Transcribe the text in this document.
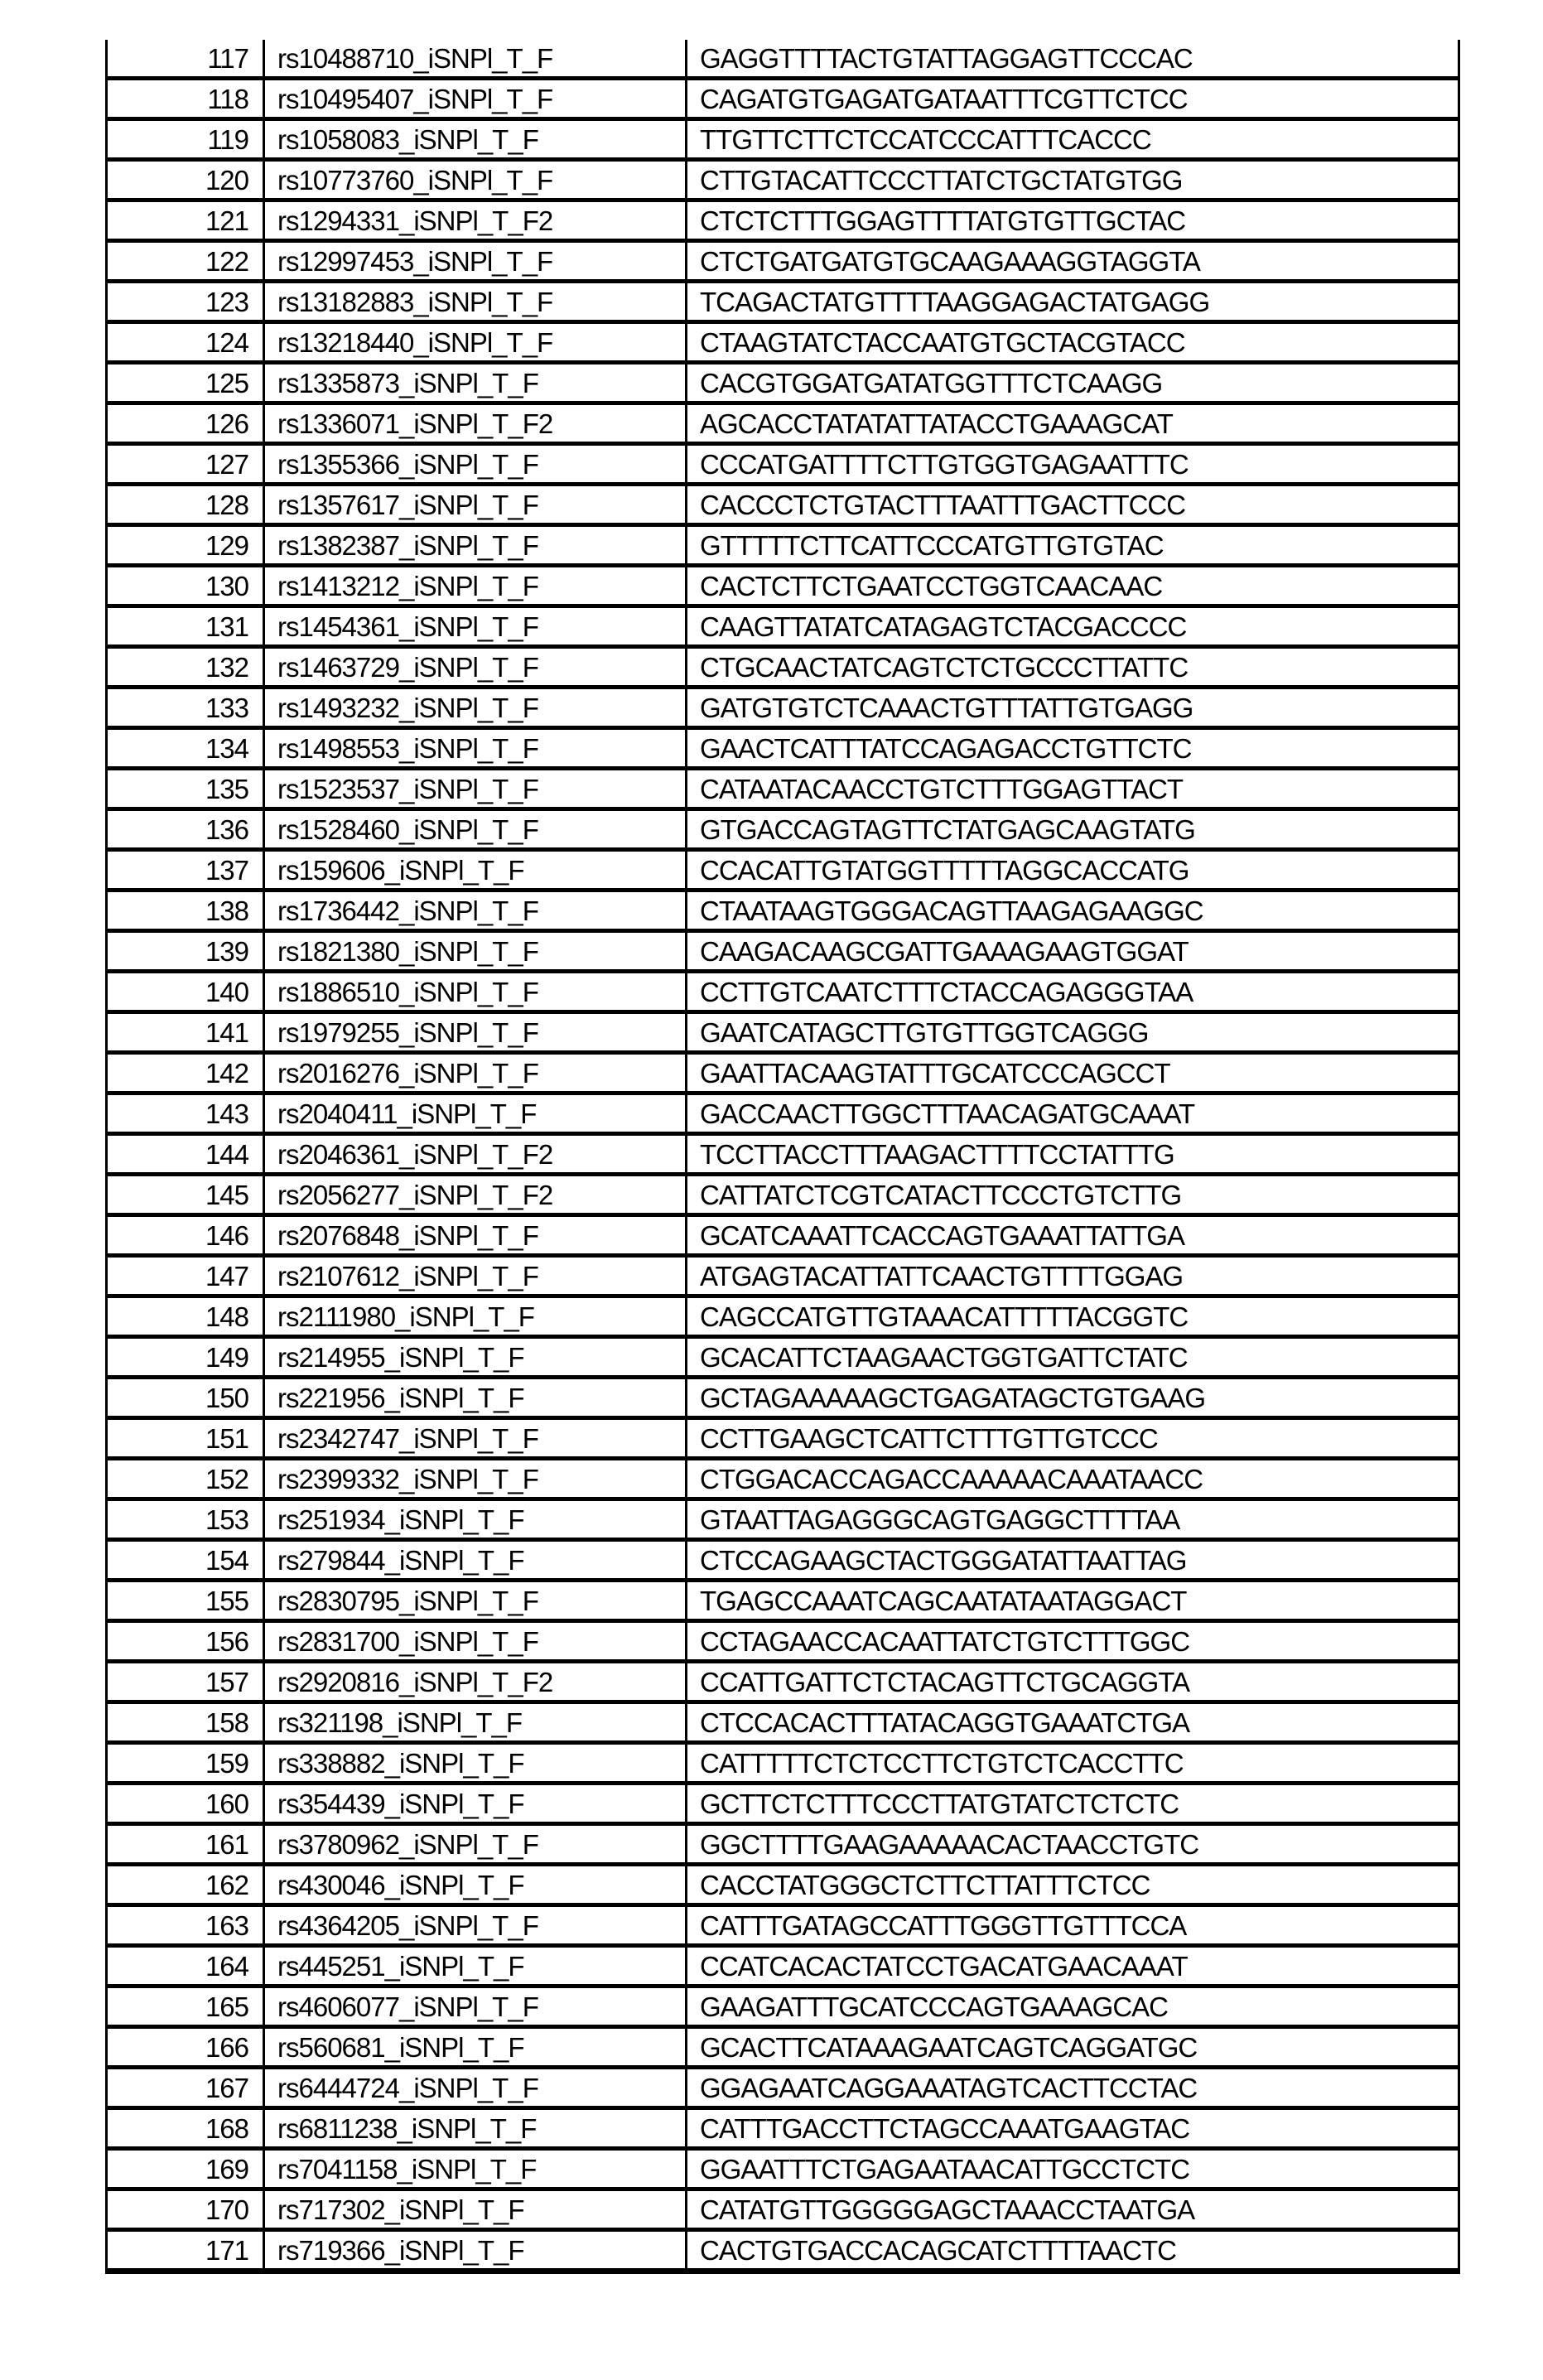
117	rs10488710_iSNPl_T_F	GAGGTTTTACTGTATTAGGAGTTCCCAC
118	rs10495407_iSNPl_T_F	CAGATGTGAGATGATAATTTCGTTCTCC
119	rs1058083_iSNPl_T_F	TTGTTCTTCTCCATCCCATTTCACCC
120	rs10773760_iSNPl_T_F	CTTGTACATTCCCTTATCTGCTATGTGG
121	rs1294331_iSNPl_T_F2	CTCTCTTTGGAGTTTTATGTGTTGCTAC
122	rs12997453_iSNPl_T_F	CTCTGATGATGTGCAAGAAAGGTAGGTA
123	rs13182883_iSNPl_T_F	TCAGACTATGTTTTAAGGAGACTATGAGG
124	rs13218440_iSNPl_T_F	CTAAGTATCTACCAATGTGCTACGTACC
125	rs1335873_iSNPl_T_F	CACGTGGATGATATGGTTTCTCAAGG
126	rs1336071_iSNPl_T_F2	AGCACCTATATATTATACCTGAAAGCAT
127	rs1355366_iSNPl_T_F	CCCATGATTTTCTTGTGGTGAGAATTTC
128	rs1357617_iSNPl_T_F	CACCCTCTGTACTTTAATTTGACTTCCC
129	rs1382387_iSNPl_T_F	GTTTTTCTTCATTCCCATGTTGTGTAC
130	rs1413212_iSNPl_T_F	CACTCTTCTGAATCCTGGTCAACAAC
131	rs1454361_iSNPl_T_F	CAAGTTATATCATAGAGTCTACGACCCC
132	rs1463729_iSNPl_T_F	CTGCAACTATCAGTCTCTGCCCTTATTC
133	rs1493232_iSNPl_T_F	GATGTGTCTCAAACTGTTTATTGTGAGG
134	rs1498553_iSNPl_T_F	GAACTCATTTATCCAGAGACCTGTTCTC
135	rs1523537_iSNPl_T_F	CATAATACAACCTGTCTTTGGAGTTACT
136	rs1528460_iSNPl_T_F	GTGACCAGTAGTTCTATGAGCAAGTATG
137	rs159606_iSNPl_T_F	CCACATTGTATGGTTTTTAGGCACCATG
138	rs1736442_iSNPl_T_F	CTAATAAGTGGGACAGTTAAGAGAAGGC
139	rs1821380_iSNPl_T_F	CAAGACAAGCGATTGAAAGAAGTGGAT
140	rs1886510_iSNPl_T_F	CCTTGTCAATCTTTCTACCAGAGGGTAA
141	rs1979255_iSNPl_T_F	GAATCATAGCTTGTGTTGGTCAGGG
142	rs2016276_iSNPl_T_F	GAATTACAAGTATTTGCATCCCAGCCT
143	rs2040411_iSNPl_T_F	GACCAACTTGGCTTTAACAGATGCAAAT
144	rs2046361_iSNPl_T_F2	TCCTTACCTTTAAGACTTTTCCTATTTG
145	rs2056277_iSNPl_T_F2	CATTATCTCGTCATACTTCCCTGTCTTG
146	rs2076848_iSNPl_T_F	GCATCAAATTCACCAGTGAAATTATTGA
147	rs2107612_iSNPl_T_F	ATGAGTACATTATTCAACTGTTTTGGAG
148	rs2111980_iSNPl_T_F	CAGCCATGTTGTAAACATTTTTACGGTC
149	rs214955_iSNPl_T_F	GCACATTCTAAGAACTGGTGATTCTATC
150	rs221956_iSNPl_T_F	GCTAGAAAAAGCTGAGATAGCTGTGAAG
151	rs2342747_iSNPl_T_F	CCTTGAAGCTCATTCTTTGTTGTCCC
152	rs2399332_iSNPl_T_F	CTGGACACCAGACCAAAAACAAATAACC
153	rs251934_iSNPl_T_F	GTAATTAGAGGGCAGTGAGGCTTTTAA
154	rs279844_iSNPl_T_F	CTCCAGAAGCTACTGGGATATTAATTAG
155	rs2830795_iSNPl_T_F	TGAGCCAAATCAGCAATATAATAGGACT
156	rs2831700_iSNPl_T_F	CCTAGAACCACAATTATCTGTCTTTGGC
157	rs2920816_iSNPl_T_F2	CCATTGATTCTCTACAGTTCTGCAGGTA
158	rs321198_iSNPl_T_F	CTCCACACTTTATACAGGTGAAATCTGA
159	rs338882_iSNPl_T_F	CATTTTTCTCTCCTTCTGTCTCACCTTC
160	rs354439_iSNPl_T_F	GCTTCTCTTTCCCTTATGTATCTCTCTC
161	rs3780962_iSNPl_T_F	GGCTTTTGAAGAAAAACACTAACCTGTC
162	rs430046_iSNPl_T_F	CACCTATGGGCTCTTCTTATTTCTCC
163	rs4364205_iSNPl_T_F	CATTTGATAGCCATTTGGGTTGTTTCCA
164	rs445251_iSNPl_T_F	CCATCACACTATCCTGACATGAACAAAT
165	rs4606077_iSNPl_T_F	GAAGATTTGCATCCCAGTGAAAGCAC
166	rs560681_iSNPl_T_F	GCACTTCATAAAGAATCAGTCAGGATGC
167	rs6444724_iSNPl_T_F	GGAGAATCAGGAAATAGTCACTTCCTAC
168	rs6811238_iSNPl_T_F	CATTTGACCTTCTAGCCAAATGAAGTAC
169	rs7041158_iSNPl_T_F	GGAATTTCTGAGAATAACATTGCCTCTC
170	rs717302_iSNPl_T_F	CATATGTTGGGGGAGCTAAACCTAATGA
171	rs719366_iSNPl_T_F	CACTGTGACCACAGCATCTTTTAACTC
